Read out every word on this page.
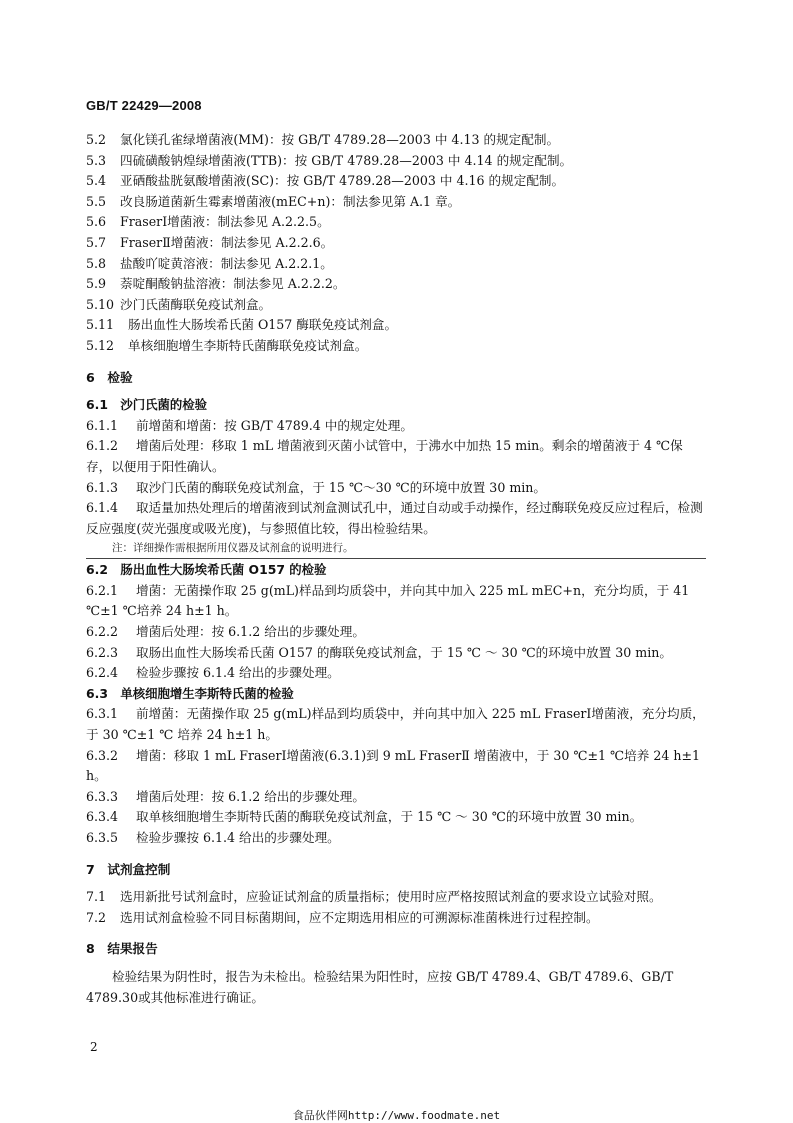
GB/T 22429—2008
5.2 氯化镁孔雀绿增菌液(MM)：按 GB/T 4789.28—2003 中 4.13 的规定配制。
5.3 四硫磺酸钠煌绿增菌液(TTB)：按 GB/T 4789.28—2003 中 4.14 的规定配制。
5.4 亚硒酸盐胱氨酸增菌液(SC)：按 GB/T 4789.28—2003 中 4.16 的规定配制。
5.5 改良肠道菌新生霉素增菌液(mEC+n)：制法参见第 A.1 章。
5.6 FraserⅠ增菌液：制法参见 A.2.2.5。
5.7 FraserⅡ增菌液：制法参见 A.2.2.6。
5.8 盐酸吖啶黄溶液：制法参见 A.2.2.1。
5.9 萘啶酮酸钠盐溶液：制法参见 A.2.2.2。
5.10 沙门氏菌酶联免疫试剂盒。
5.11 肠出血性大肠埃希氏菌 O157 酶联免疫试剂盒。
5.12 单核细胞增生李斯特氏菌酶联免疫试剂盒。
6　检验
6.1　沙门氏菌的检验
6.1.1 前增菌和增菌：按 GB/T 4789.4 中的规定处理。
6.1.2 增菌后处理：移取 1 mL 增菌液到灭菌小试管中，于沸水中加热 15 min。剩余的增菌液于 4 ℃保存，以便用于阳性确认。
6.1.3 取沙门氏菌的酶联免疫试剂盒，于 15 ℃～30 ℃的环境中放置 30 min。
6.1.4 取适量加热处理后的增菌液到试剂盒测试孔中，通过自动或手动操作，经过酶联免疫反应过程后，检测反应强度(荧光强度或吸光度)，与参照值比较，得出检验结果。
注：详细操作需根据所用仪器及试剂盒的说明进行。
6.2　肠出血性大肠埃希氏菌 O157 的检验
6.2.1 增菌：无菌操作取 25 g(mL)样品到均质袋中，并向其中加入 225 mL mEC+n，充分均质，于 41 ℃±1 ℃培养 24 h±1 h。
6.2.2 增菌后处理：按 6.1.2 给出的步骤处理。
6.2.3 取肠出血性大肠埃希氏菌 O157 的酶联免疫试剂盒，于 15 ℃ ～ 30 ℃的环境中放置 30 min。
6.2.4 检验步骤按 6.1.4 给出的步骤处理。
6.3　单核细胞增生李斯特氏菌的检验
6.3.1 前增菌：无菌操作取 25 g(mL)样品到均质袋中，并向其中加入 225 mL FraserⅠ增菌液，充分均质，于 30 ℃±1 ℃ 培养 24 h±1 h。
6.3.2 增菌：移取 1 mL FraserⅠ增菌液(6.3.1)到 9 mL FraserⅡ 增菌液中，于 30 ℃±1 ℃培养 24 h±1 h。
6.3.3 增菌后处理：按 6.1.2 给出的步骤处理。
6.3.4 取单核细胞增生李斯特氏菌的酶联免疫试剂盒，于 15 ℃ ～ 30 ℃的环境中放置 30 min。
6.3.5 检验步骤按 6.1.4 给出的步骤处理。
7　试剂盒控制
7.1 选用新批号试剂盒时，应验证试剂盒的质量指标；使用时应严格按照试剂盒的要求设立试验对照。
7.2 选用试剂盒检验不同目标菌期间，应不定期选用相应的可溯源标准菌株进行过程控制。
8　结果报告
检验结果为阴性时，报告为未检出。检验结果为阳性时，应按 GB/T 4789.4、GB/T 4789.6、GB/T 4789.30或其他标准进行确证。
2
食品伙伴网http://www.foodmate.net
